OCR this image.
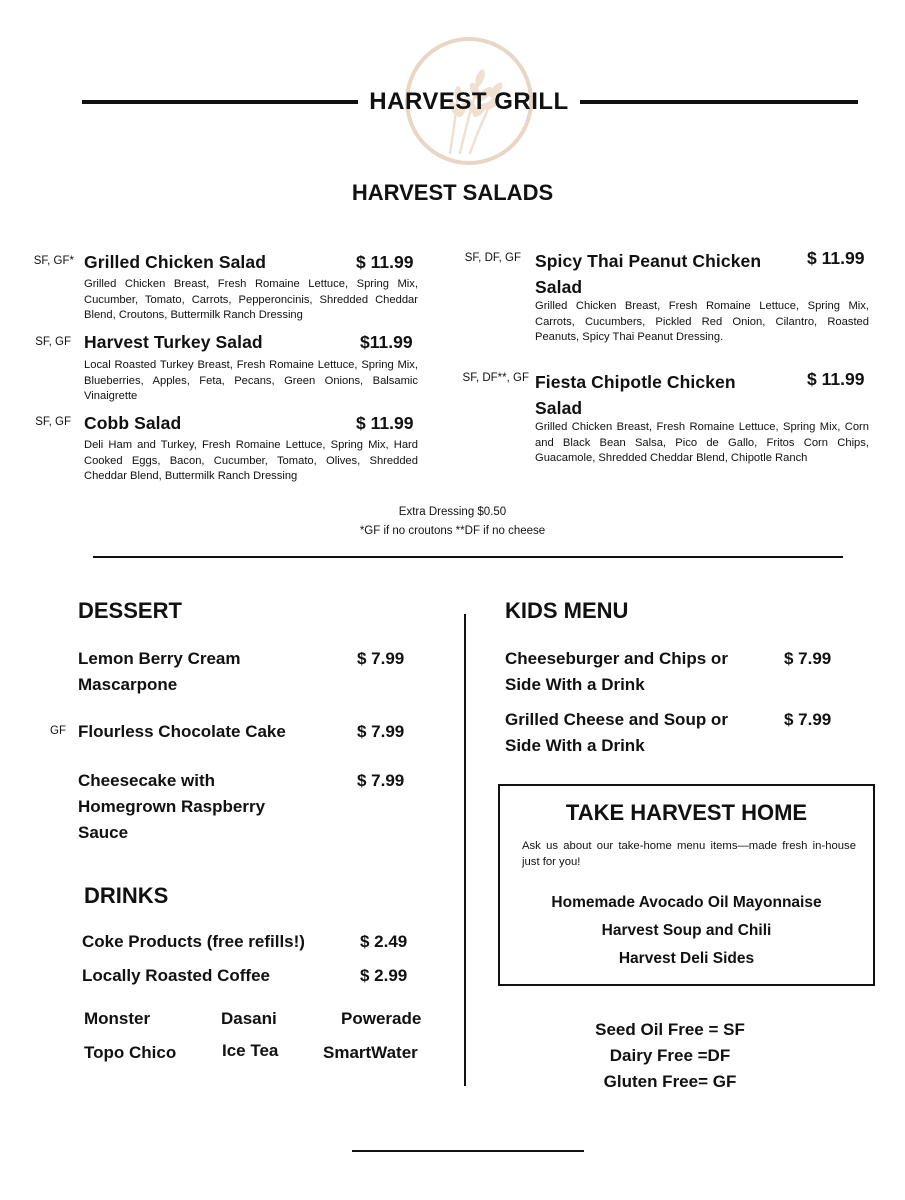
HARVEST GRILL
HARVEST SALADS
SF, GF* Grilled Chicken Salad	$ 11.99
Grilled Chicken Breast, Fresh Romaine Lettuce, Spring Mix, Cucumber, Tomato, Carrots, Pepperoncinis, Shredded Cheddar Blend, Croutons, Buttermilk Ranch Dressing
SF, GF Harvest Turkey Salad	$11.99
Local Roasted Turkey Breast, Fresh Romaine Lettuce, Spring Mix, Blueberries, Apples, Feta, Pecans, Green Onions, Balsamic Vinaigrette
SF, GF Cobb Salad	$ 11.99
Deli Ham and Turkey, Fresh Romaine Lettuce, Spring Mix, Hard Cooked Eggs, Bacon, Cucumber, Tomato, Olives, Shredded Cheddar Blend, Buttermilk Ranch Dressing
SF, DF, GF Spicy Thai Peanut Chicken Salad
$ 11.99
Grilled Chicken Breast, Fresh Romaine Lettuce, Spring Mix, Carrots, Cucumbers, Pickled Red Onion, Cilantro, Roasted Peanuts, Spicy Thai Peanut Dressing.
SF, DF**, GF Fiesta Chipotle Chicken Salad
$ 11.99
Grilled Chicken Breast, Fresh Romaine Lettuce, Spring Mix, Corn and Black Bean Salsa, Pico de Gallo, Fritos Corn Chips, Guacamole, Shredded Cheddar Blend, Chipotle Ranch
Extra Dressing $0.50
*GF if no croutons **DF if no cheese
DESSERT
Lemon Berry Cream Mascarpone
$ 7.99
GF Flourless Chocolate Cake	$ 7.99
Cheesecake with Homegrown Raspberry Sauce
$ 7.99
DRINKS
Coke Products (free refills!)	$ 2.49
Locally Roasted Coffee	$ 2.99
Monster	Dasani	Powerade
Topo Chico	Ice Tea	SmartWater
KIDS MENU
Cheeseburger and Chips or Side With a Drink
$ 7.99
Grilled Cheese and Soup or Side With a Drink
$ 7.99
TAKE HARVEST HOME
Ask us about our take-home menu items—made fresh in-house just for you!
Homemade Avocado Oil Mayonnaise
Harvest Soup and Chili
Harvest Deli Sides
Seed Oil Free = SF
Dairy Free =DF
Gluten Free= GF
